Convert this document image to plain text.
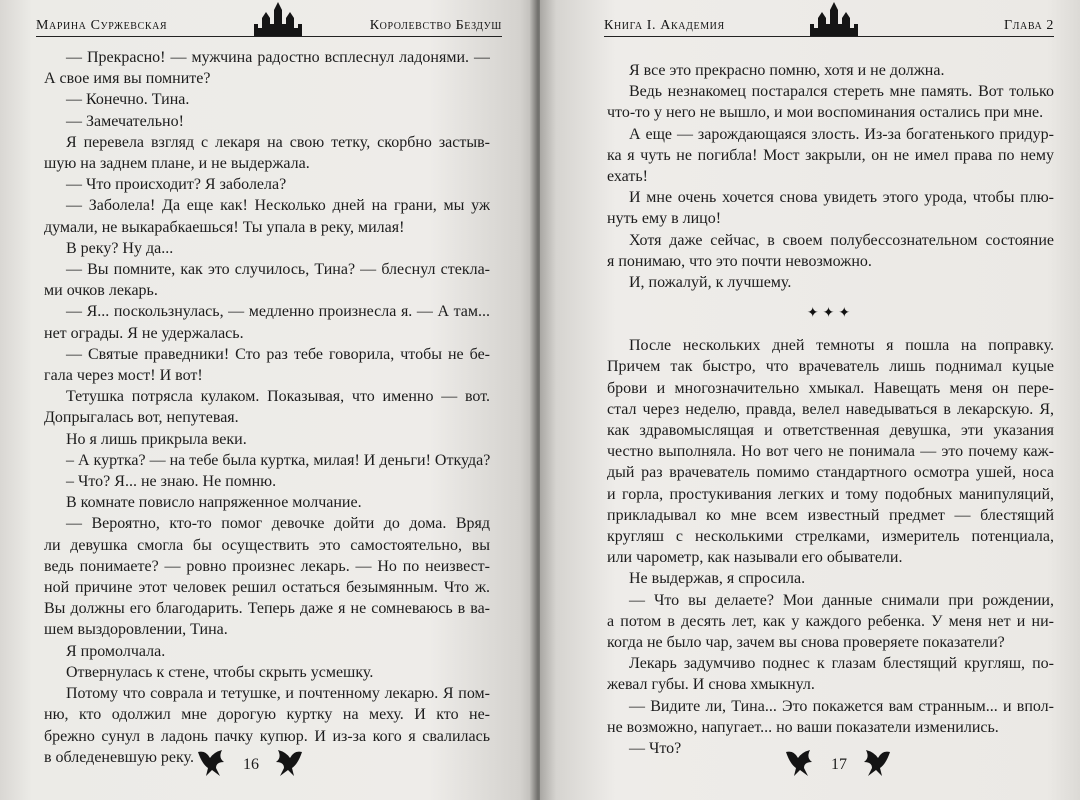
Марина Суржевская	Королевство Бездуш

— Прекрасно! — мужчина радостно всплеснул ладонями. —

А свое имя вы помните?

— Конечно. Тина.

— Замечательно!

Я перевела взгляд с лекаря на свою тетку, скорбно застыв-

шую на заднем плане, и не выдержала.

— Что происходит? Я заболела?

— Заболела! Да еще как! Несколько дней на грани, мы уж

думали, не выкарабкаешься! Ты упала в реку, милая!

В реку? Ну да...

— Вы помните, как это случилось, Тина? — блеснул стекла-

ми очков лекарь.

— Я... поскользнулась, — медленно произнесла я. — А там...

нет ограды. Я не удержалась.

— Святые праведники! Сто раз тебе говорила, чтобы не бе-

гала через мост! И вот!

Тетушка потрясла кулаком. Показывая, что именно — вот.

Допрыгалась вот, непутевая.

Но я лишь прикрыла веки.

– А куртка? — на тебе была куртка, милая! И деньги! Откуда?

– Что? Я... не знаю. Не помню.

В комнате повисло напряженное молчание.

— Вероятно, кто-то помог девочке дойти до дома. Вряд

ли девушка смогла бы осуществить это самостоятельно, вы

ведь понимаете? — ровно произнес лекарь. — Но по неизвест-

ной причине этот человек решил остаться безымянным. Что ж.

Вы должны его благодарить. Теперь даже я не сомневаюсь в ва-

шем выздоровлении, Тина.

Я промолчала.

Отвернулась к стене, чтобы скрыть усмешку.

Потому что соврала и тетушке, и почтенному лекарю. Я пом-

ню, кто одолжил мне дорогую куртку на меху. И кто не-

брежно сунул в ладонь пачку купюр. И из-за кого я свалилась

в обледеневшую реку.	16
Книга I. Академия	Глава 2

Я все это прекрасно помню, хотя и не должна.

Ведь незнакомец постарался стереть мне память. Вот только

что-то у него не вышло, и мои воспоминания остались при мне.

А еще — зарождающаяся злость. Из-за богатенького придур-

ка я чуть не погибла! Мост закрыли, он не имел права по нему

ехать!

И мне очень хочется снова увидеть этого урода, чтобы плю-

нуть ему в лицо!

Хотя даже сейчас, в своем полубессознательном состояние

я понимаю, что это почти невозможно.

И, пожалуй, к лучшему.

✦✦✦

После нескольких дней темноты я пошла на поправку.

Причем так быстро, что врачеватель лишь поднимал куцые

брови и многозначительно хмыкал. Навещать меня он пере-

стал через неделю, правда, велел наведываться в лекарскую. Я,

как здравомыслящая и ответственная девушка, эти указания

честно выполняла. Но вот чего не понимала — это почему каж-

дый раз врачеватель помимо стандартного осмотра ушей, носа

и горла, простукивания легких и тому подобных манипуляций,

прикладывал ко мне всем известный предмет — блестящий

кругляш с несколькими стрелками, измеритель потенциала,

или чарометр, как называли его обыватели.

Не выдержав, я спросила.

— Что вы делаете? Мои данные снимали при рождении,

а потом в десять лет, как у каждого ребенка. У меня нет и ни-

когда не было чар, зачем вы снова проверяете показатели?

Лекарь задумчиво поднес к глазам блестящий кругляш, по-

жевал губы. И снова хмыкнул.

— Видите ли, Тина... Это покажется вам странным... и впол-

не возможно, напугает... но ваши показатели изменились.

— Что?

17
